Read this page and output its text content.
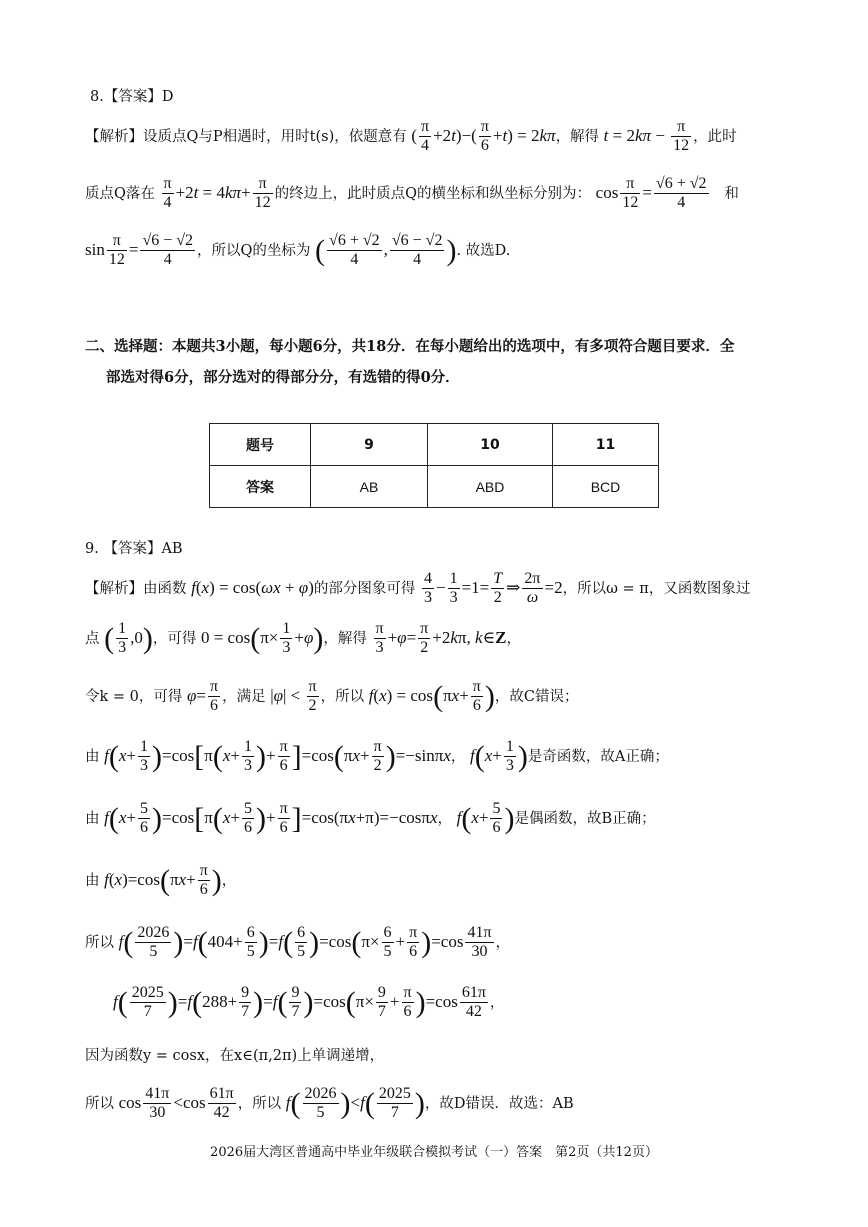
8.【答案】D
【解析】设质点Q与P相遇时，用时t(s)，依题意有 ( $\frac{\pi}{4} +2t)-( \frac{\pi}{6} +t) = 2k\pi$，解得 $t = 2k\pi - \frac{\pi}{12}$ ，此时
质点Q落在 $\frac{\pi}{4} +2t = 4k\pi+ \frac{\pi}{12}$ 的终边上，此时质点Q的横坐标和纵坐标分别为： $\cos \frac{\pi}{12} = \frac{√6 + √2}{4}$ 和
$\sin \frac{\pi}{12} = \frac{√6 - √2}{4}$ ，所以Q的坐标为 ( $\frac{√6 + √2}{4}$ , $\frac{√6 - √2}{4}$ ). 故选D.
二、选择题：本题共3小题，每小题6分，共18分．在每小题给出的选项中，有多项符合题目要求．全
部选对得6分，部分选对的得部分分，有选错的得0分．
题号	9	10	11
答案	AB	ABD	BCD
9. 【答案】AB
【解析】由函数 f(x) = cos(ωx + φ)的部分图象可得 $\frac{4}{3} - \frac{1}{3} =1= \frac{T}{2}$ ⇒ $\frac{2\pi}{\omega} =2$，所以ω = π，又函数图象过
点 ( $\frac{1}{3} ,0$)，可得 $0 = \cos(\pi\times \frac{1}{3} +\varphi)$，解得 $\frac{\pi}{3} +\varphi= \frac{\pi}{2} +2k\pi$, k∈Z，
令k = 0，可得 $\varphi= \frac{\pi}{6}$ ，满足 $|\varphi| < \frac{\pi}{2}$ ，所以 $f(x) = \cos(\pi x+ \frac{\pi}{6}$ )，故C错误；
由 $f(x+ \frac{1}{3} )=\cos[\pi(x+ \frac{1}{3}$ )+ $\frac{\pi}{6} ]=\cos(\pi x+ \frac{\pi}{2} )=-\sin\pi x$， $f(x+ \frac{1}{3}$ )是奇函数，故A正确；
由 $f(x+ \frac{5}{6} )=\cos[\pi(x+ \frac{5}{6}$ )+ $\frac{\pi}{6} ]=\cos(\pi x+\pi)=-\cos\pi x$， $f(x+ \frac{5}{6}$ )是偶函数，故B正确；
由 $f(x)=\cos(\pi x+ \frac{\pi}{6}$ )，
所以 $f( \frac{2026}{5} )=f(404+ \frac{6}{5} )=f( \frac{6}{5} )=\cos(\pi\times \frac{6}{5} + \frac{\pi}{6} )=\cos \frac{41\pi}{30}$ ，
$f( \frac{2025}{7} )=f(288+ \frac{9}{7} )=f( \frac{9}{7} )=\cos(\pi\times \frac{9}{7} + \frac{\pi}{6} )=\cos \frac{61\pi}{42}$ ，
因为函数y = cosx，在x∈(π,2π)上单调递增，
所以 $\cos \frac{41\pi}{30} <\cos \frac{61\pi}{42}$ ，所以 $f( \frac{2026}{5} )<f( \frac{2025}{7}$ )，故D错误．故选：AB
2026届大湾区普通高中毕业年级联合模拟考试（一）答案　第2页（共12页）
